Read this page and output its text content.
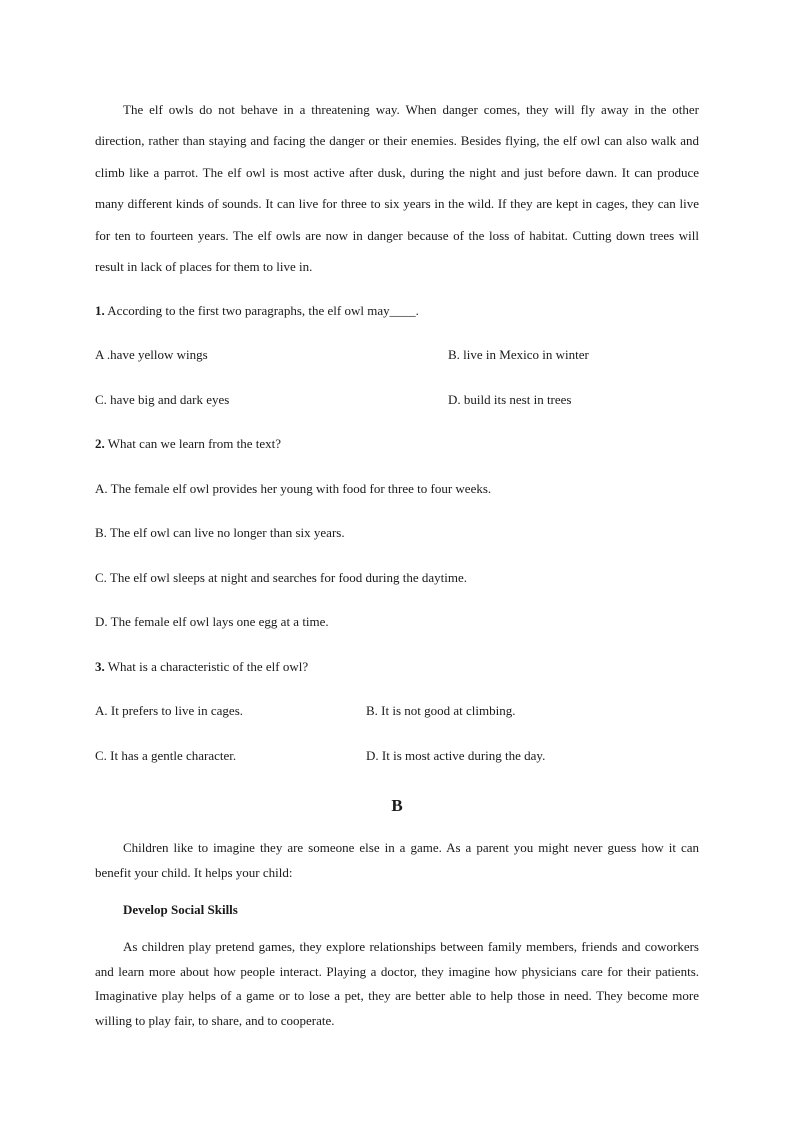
The elf owls do not behave in a threatening way. When danger comes, they will fly away in the other direction, rather than staying and facing the danger or their enemies. Besides flying, the elf owl can also walk and climb like a parrot. The elf owl is most active after dusk, during the night and just before dawn. It can produce many different kinds of sounds. It can live for three to six years in the wild. If they are kept in cages, they can live for ten to fourteen years. The elf owls are now in danger because of the loss of habitat. Cutting down trees will result in lack of places for them to live in.

1. According to the first two paragraphs, the elf owl may____.

A .have yellow wings	B. live in Mexico in winter

C. have big and dark eyes	D. build its nest in trees

2. What can we learn from the text?

A. The female elf owl provides her young with food for three to four weeks.

B. The elf owl can live no longer than six years.

C. The elf owl sleeps at night and searches for food during the daytime.

D. The female elf owl lays one egg at a time.

3. What is a characteristic of the elf owl?

A. It prefers to live in cages.	B. It is not good at climbing.

C. It has a gentle character.	D. It is most active during the day.

B

Children like to imagine they are someone else in a game. As a parent you might never guess how it can benefit your child. It helps your child:

Develop Social Skills

As children play pretend games, they explore relationships between family members, friends and coworkers and learn more about how people interact. Playing a doctor, they imagine how physicians care for their patients. Imaginative play helps of a game or to lose a pet, they are better able to help those in need. They become more willing to play fair, to share, and to cooperate.
